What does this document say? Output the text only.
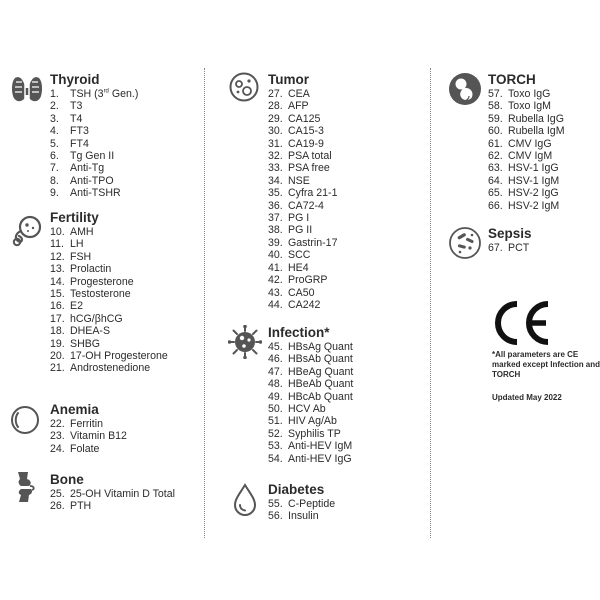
Thyroid
1. TSH (3rd Gen.)
2. T3
3. T4
4. FT3
5. FT4
6. Tg Gen II
7. Anti-Tg
8. Anti-TPO
9. Anti-TSHR
Fertility
10. AMH
11. LH
12. FSH
13. Prolactin
14. Progesterone
15. Testosterone
16. E2
17. hCG/βhCG
18. DHEA-S
19. SHBG
20. 17-OH Progesterone
21. Androstenedione
Anemia
22. Ferritin
23. Vitamin B12
24. Folate
Bone
25. 25-OH Vitamin D Total
26. PTH
Tumor
27. CEA
28. AFP
29. CA125
30. CA15-3
31. CA19-9
32. PSA total
33. PSA free
34. NSE
35. Cyfra 21-1
36. CA72-4
37. PG I
38. PG II
39. Gastrin-17
40. SCC
41. HE4
42. ProGRP
43. CA50
44. CA242
Infection*
45. HBsAg Quant
46. HBsAb Quant
47. HBeAg Quant
48. HBeAb Quant
49. HBcAb Quant
50. HCV Ab
51. HIV Ag/Ab
52. Syphilis TP
53. Anti-HEV IgM
54. Anti-HEV IgG
Diabetes
55. C-Peptide
56. Insulin
TORCH
57. Toxo IgG
58. Toxo IgM
59. Rubella IgG
60. Rubella IgM
61. CMV IgG
62. CMV IgM
63. HSV-1 IgG
64. HSV-1 IgM
65. HSV-2 IgG
66. HSV-2 IgM
Sepsis
67. PCT
*All parameters are CE marked except Infection and TORCH
Updated May 2022
